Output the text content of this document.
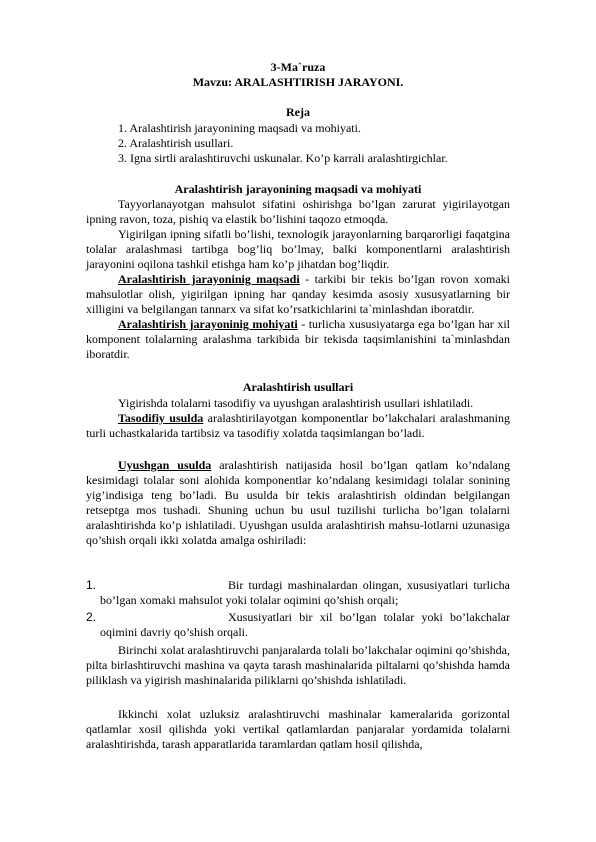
3-Ma`ruza

Mavzu: ARALASHTIRISH JARAYONI.

Reja

1. Aralashtirish jarayonining maqsadi va mohiyati.

2. Aralashtirish usullari.

3. Igna sirtli aralashtiruvchi uskunalar. Ko’p karrali aralashtirgichlar.

Aralashtirish jarayonining maqsadi va mohiyati

Tayyorlanayotgan mahsulot sifatini oshirishga bo’lgan zarurat yigirilayotgan ipning ravon, toza, pishiq va elastik bo’lishini taqozo etmoqda.

Yigirilgan ipning sifatli bo’lishi, texnologik jarayonlarning barqarorligi faqatgina tolalar aralashmasi tartibga bog’liq bo’lmay, balki komponentlarni aralashtirish jarayonini oqilona tashkil etishga ham ko’p jihatdan bog’liqdir.

Aralashtirish jarayoninig maqsadi - tarkibi bir tekis bo’lgan rovon xomaki mahsulotlar olish, yigirilgan ipning har qanday kesimda asosiy xususyatlarning bir xilligini va belgilangan tannarx va sifat ko’rsatkichlarini ta`minlashdan iboratdir.

Aralashtirish jarayoninig mohiyati - turlicha xususiyatarga ega bo’lgan har xil komponent tolalarning aralashma tarkibida bir tekisda taqsimlanishini ta`minlashdan iboratdir.

Aralashtirish usullari

Yigirishda tolalarni tasodifiy va uyushgan aralashtirish usullari ishlatiladi.

Tasodifiy usulda aralashtirilayotgan komponentlar bo’lakchalari aralashmaning turli uchastkalarida tartibsiz va tasodifiy xolatda taqsimlangan bo’ladi.

Uyushgan usulda aralashtirish natijasida hosil bo’lgan qatlam ko’ndalang kesimidagi tolalar soni alohida komponentlar ko’ndalang kesimidagi tolalar sonining yig’indisiga teng bo’ladi. Bu usulda bir tekis aralashtirish oldindan belgilangan retseptga mos tushadi. Shuning uchun bu usul tuzilishi turlicha bo’lgan tolalarni aralashtirishda ko’p ishlatiladi. Uyushgan usulda aralashtirish mahsu-lotlarni uzunasiga qo’shish orqali ikki xolatda amalga oshiriladi:

1.	Bir turdagi mashinalardan olingan, xususiyatlari turlicha bo’lgan xomaki mahsulot yoki tolalar oqimini qo’shish orqali;

2.	Xususiyatlari bir xil bo’lgan tolalar yoki bo’lakchalar oqimini davriy qo’shish orqali.

Birinchi xolat aralashtiruvchi panjaralarda tolali bo’lakchalar oqimini qo’shishda, pilta birlashtiruvchi mashina va qayta tarash mashinalarida piltalarni qo’shishda hamda piliklash va yigirish mashinalarida piliklarni qo’shishda ishlatiladi.

Ikkinchi xolat uzluksiz aralashtiruvchi mashinalar kameralarida gorizontal qatlamlar xosil qilishda yoki vertikal qatlamlardan panjaralar yordamida tolalarni aralashtirishda, tarash apparatlarida taramlardan qatlam hosil qilishda,
